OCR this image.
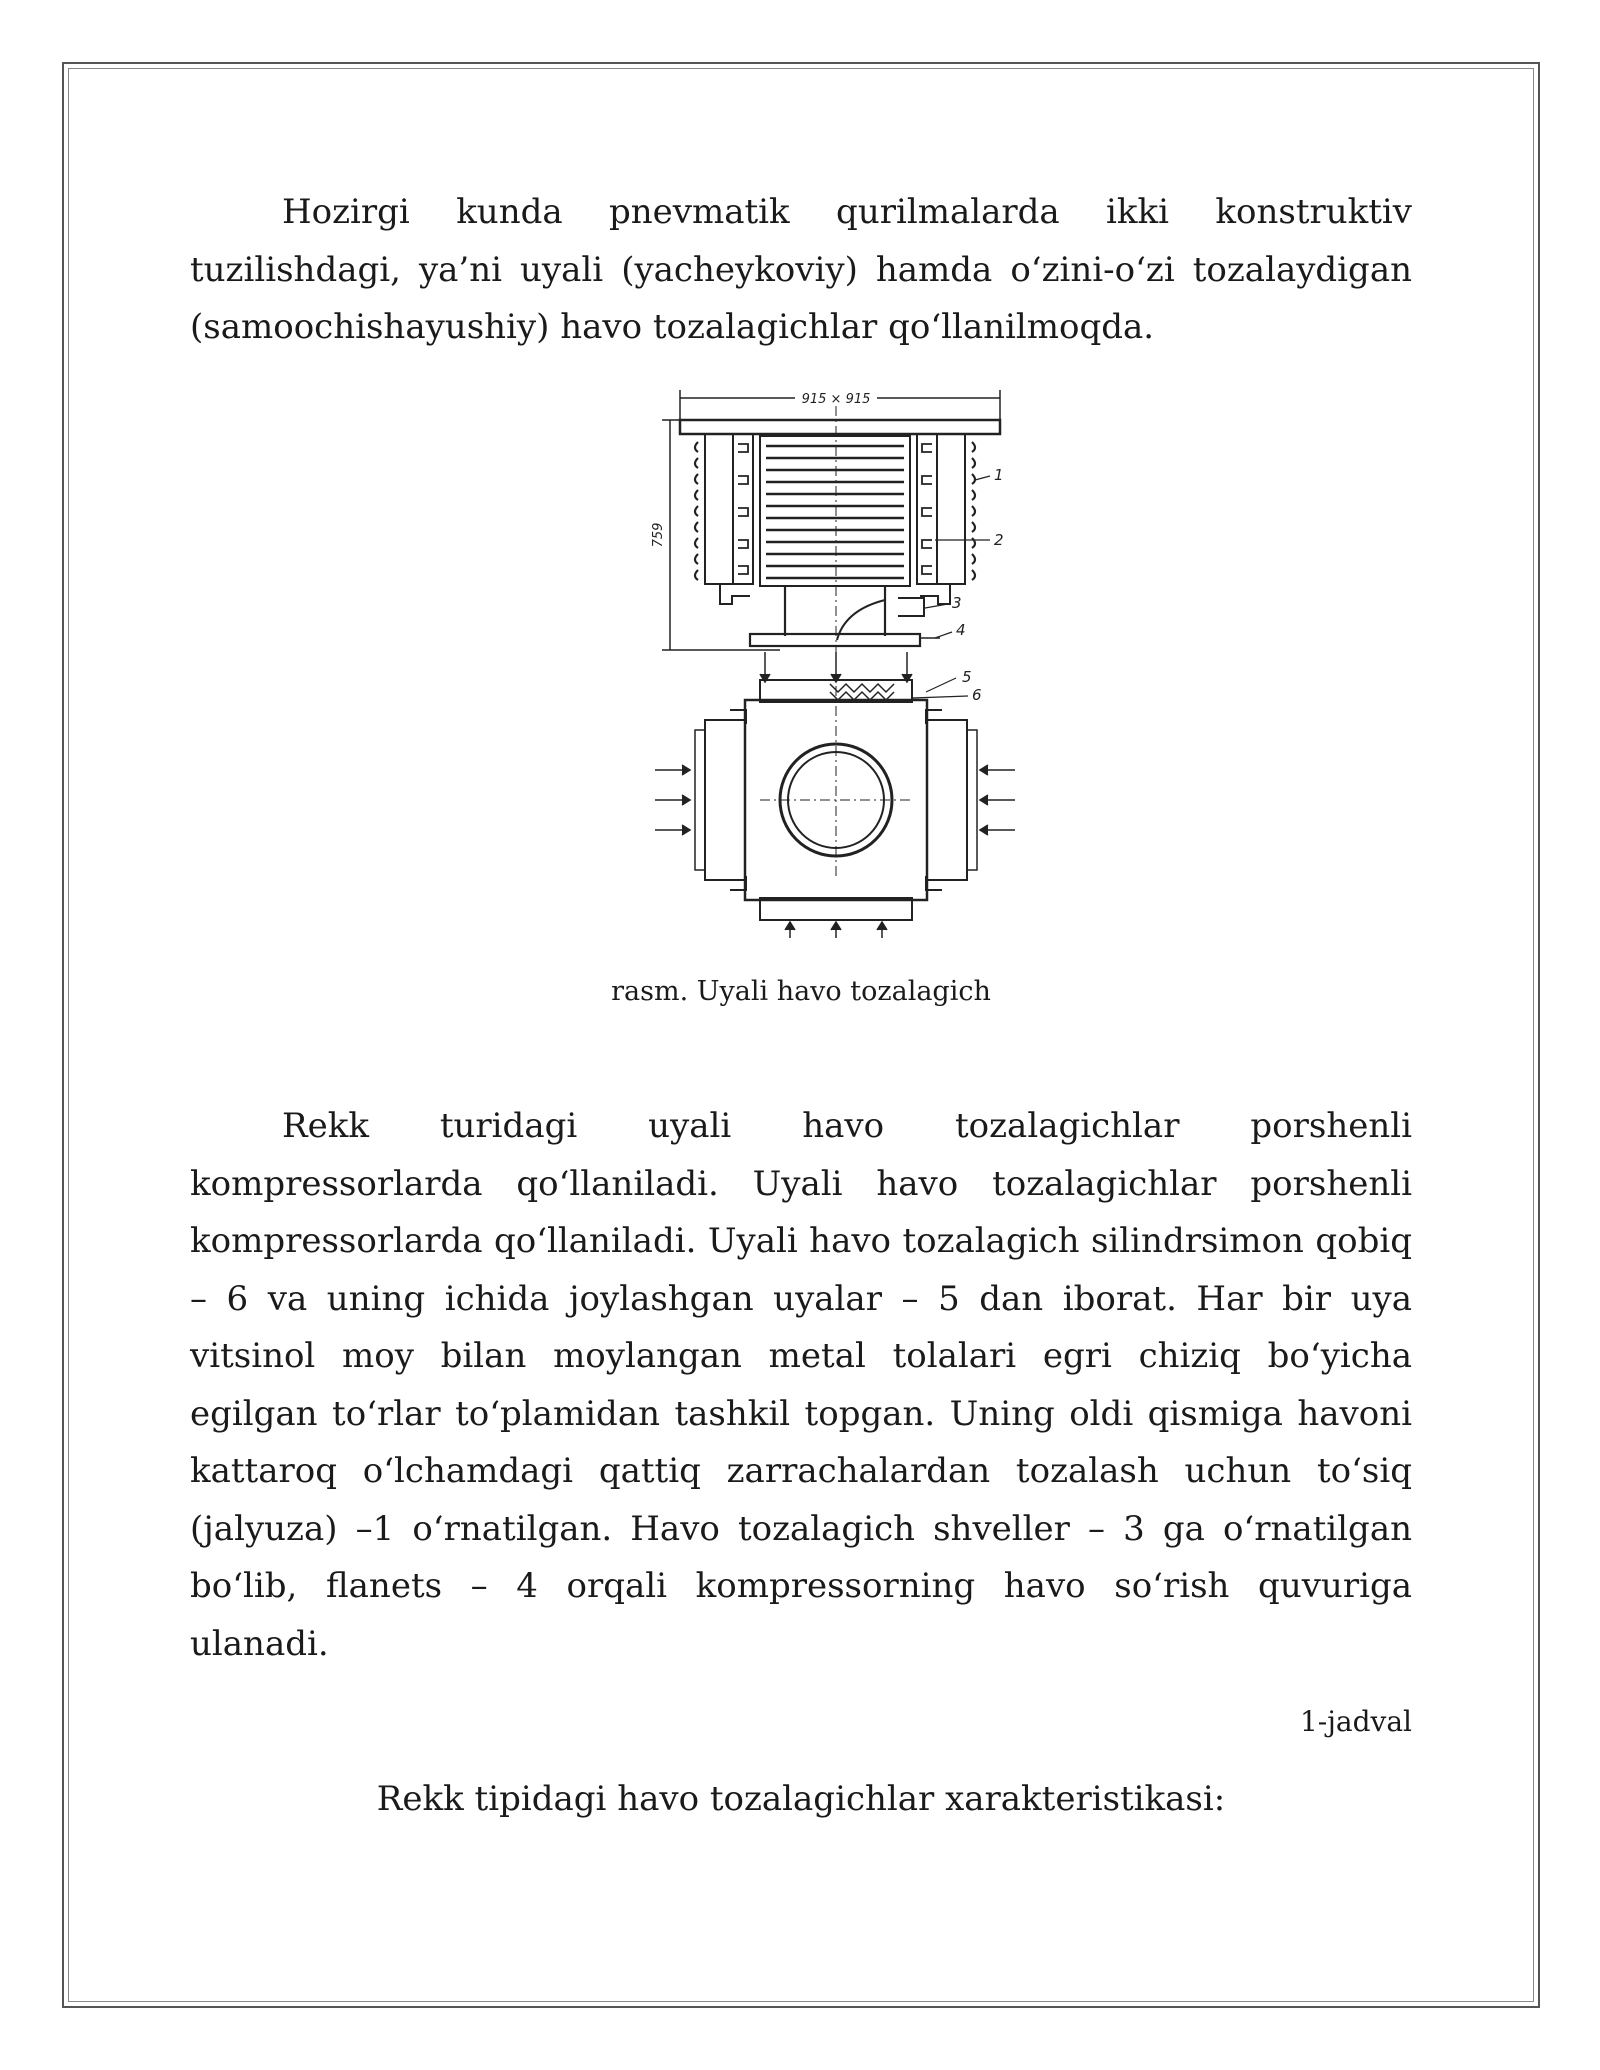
Hozirgi kunda pnevmatik qurilmalarda ikki konstruktiv tuzilishdagi, ya’ni uyali (yacheykoviy) hamda o‘zini-o‘zi tozalaydigan (samoochishayushiy) havo tozalagichlar qo‘llanilmoqda.

915 × 915
759
1
2
3
4
5
6
rasm. Uyali havo tozalagich

Rekk turidagi uyali havo tozalagichlar porshenli kompressorlarda qo‘llaniladi. Uyali havo tozalagichlar porshenli kompressorlarda qo‘llaniladi. Uyali havo tozalagich silindrsimon qobiq – 6 va uning ichida joylashgan uyalar – 5 dan iborat. Har bir uya vitsinol moy bilan moylangan metal tolalari egri chiziq bo‘yicha egilgan to‘rlar to‘plamidan tashkil topgan. Uning oldi qismiga havoni kattaroq o‘lchamdagi qattiq zarrachalardan tozalash uchun to‘siq (jalyuza) –1 o‘rnatilgan. Havo tozalagich shveller – 3 ga o‘rnatilgan bo‘lib, flanets – 4 orqali kompressorning havo so‘rish quvuriga ulanadi.

1-jadval
Rekk tipidagi havo tozalagichlar xarakteristikasi:
